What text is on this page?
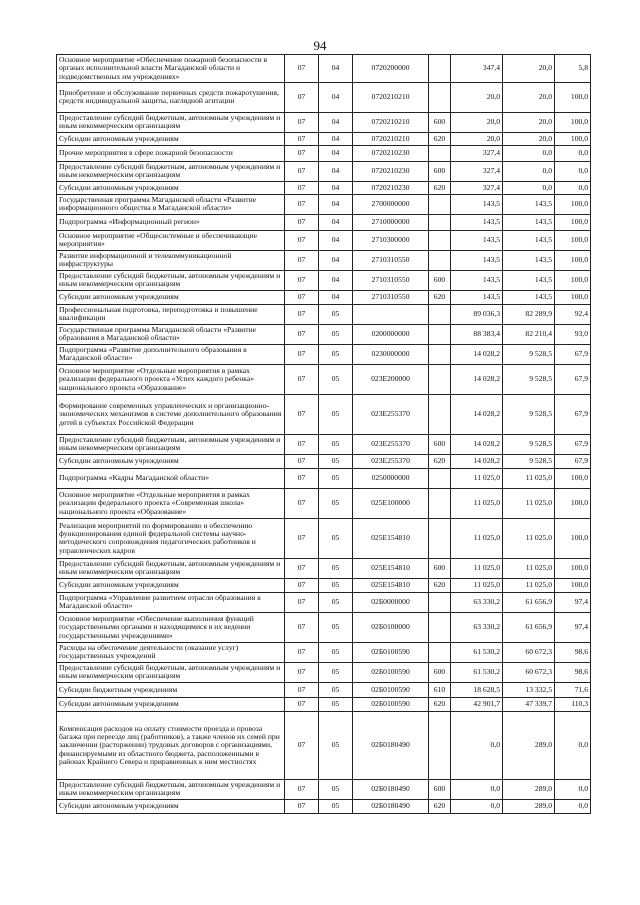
94
Основное мероприятие «Обеспечение пожарной безопасности в органах исполнительной власти Магаданской области и подведомственных им учреждениях»	07	04	0720200000		347,4	20,0	5,8
Приобретение и обслуживание первичных средств пожаротушения, средств индивидуальной защиты, наглядной агитации	07	04	0720210210		20,0	20,0	100,0
Предоставление субсидий бюджетным, автономным учреждениям и иным некоммерческим организациям	07	04	0720210210	600	20,0	20,0	100,0
Субсидии автономным учреждениям	07	04	0720210210	620	20,0	20,0	100,0
Прочие мероприятия в сфере пожарной безопасности	07	04	0720210230		327,4	0,0	0,0
Предоставление субсидий бюджетным, автономным учреждениям и иным некоммерческим организациям	07	04	0720210230	600	327,4	0,0	0,0
Субсидии автономным учреждениям	07	04	0720210230	620	327,4	0,0	0,0
Государственная программа Магаданской области «Развитие информационного общества в Магаданской области»	07	04	2700000000		143,5	143,5	100,0
Подпрограмма «Информационный регион»	07	04	2710000000		143,5	143,5	100,0
Основное мероприятие «Общесистемные и обеспечивающие мероприятия»	07	04	2710300000		143,5	143,5	100,0
Развитие информационной и телекоммуникационной инфраструктуры	07	04	2710310550		143,5	143,5	100,0
Предоставление субсидий бюджетным, автономным учреждениям и иным некоммерческим организациям	07	04	2710310550	600	143,5	143,5	100,0
Субсидии автономным учреждениям	07	04	2710310550	620	143,5	143,5	100,0
Профессиональная подготовка, переподготовка и повышение квалификации	07	05			89 036,3	82 289,9	92,4
Государственная программа Магаданской области «Развитие образования в Магаданской области»	07	05	0200000000		88 383,4	82 210,4	93,0
Подпрограмма «Развитие дополнительного образования в Магаданской области»	07	05	0230000000		14 028,2	9 528,5	67,9
Основное мероприятие «Отдельные мероприятия в рамках реализации федерального проекта «Успех каждого ребенка» национального проекта «Образование»	07	05	023E200000		14 028,2	9 528,5	67,9
Формирование современных управленческих и организационно-экономических механизмов в системе дополнительного образования детей в субъектах Российской Федерации	07	05	023E255370		14 028,2	9 528,5	67,9
Предоставление субсидий бюджетным, автономным учреждениям и иным некоммерческим организациям	07	05	023E255370	600	14 028,2	9 528,5	67,9
Субсидии автономным учреждениям	07	05	023E255370	620	14 028,2	9 528,5	67,9
Подпрограмма «Кадры Магаданской области»	07	05	0250000000		11 025,0	11 025,0	100,0
Основное мероприятие «Отдельные мероприятия в рамках реализации федерального проекта «Современная школа» национального проекта «Образование»	07	05	025E100000		11 025,0	11 025,0	100,0
Реализация мероприятий по формированию и обеспечению функционирования единой федеральной системы научно-методического сопровождения педагогических работников и управленческих кадров	07	05	025E154810		11 025,0	11 025,0	100,0
Предоставление субсидий бюджетным, автономным учреждениям и иным некоммерческим организациям	07	05	025E154810	600	11 025,0	11 025,0	100,0
Субсидии автономным учреждениям	07	05	025E154810	620	11 025,0	11 025,0	100,0
Подпрограмма «Управление развитием отрасли образования в Магаданской области»	07	05	02Б0000000		63 330,2	61 656,9	97,4
Основное мероприятие «Обеспечение выполнения функций государственными органами и находящимися в их ведении государственными учреждениями»	07	05	02Б0100000		63 330,2	61 656,9	97,4
Расходы на обеспечение деятельности (оказание услуг) государственных учреждений	07	05	02Б0100590		61 530,2	60 672,3	98,6
Предоставление субсидий бюджетным, автономным учреждениям и иным некоммерческим организациям	07	05	02Б0100590	600	61 530,2	60 672,3	98,6
Субсидии бюджетным учреждениям	07	05	02Б0100590	610	18 628,5	13 332,5	71,6
Субсидии автономным учреждениям	07	05	02Б0100590	620	42 901,7	47 339,7	110,3
Компенсация расходов на оплату стоимости проезда и провоза багажа при переезде лиц (работников), а также членов их семей при заключении (расторжении) трудовых договоров с организациями, финансируемыми из областного бюджета, расположенными в районах Крайнего Севера и приравненных к ним местностях	07	05	02Б0180490		0,0	289,0	0,0
Предоставление субсидий бюджетным, автономным учреждениям и иным некоммерческим организациям	07	05	02Б0180490	600	0,0	289,0	0,0
Субсидии автономным учреждениям	07	05	02Б0180490	620	0,0	289,0	0,0
